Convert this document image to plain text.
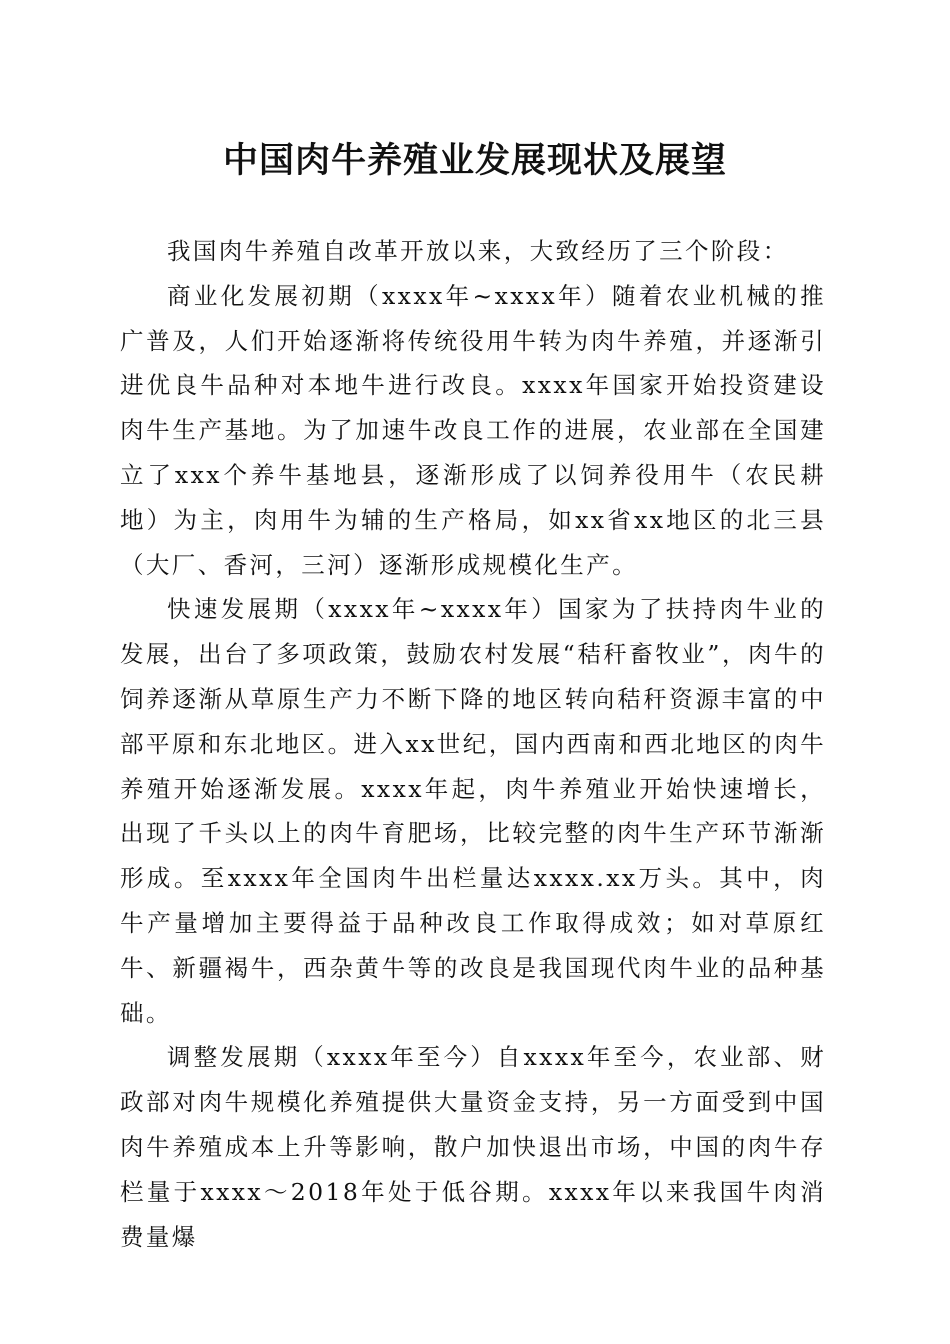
中国肉牛养殖业发展现状及展望

我国肉牛养殖自改革开放以来，大致经历了三个阶段：

商业化发展初期（xxxx年~xxxx年）随着农业机械的推广普及，人们开始逐渐将传统役用牛转为肉牛养殖，并逐渐引进优良牛品种对本地牛进行改良。xxxx年国家开始投资建设肉牛生产基地。为了加速牛改良工作的进展，农业部在全国建立了xxx个养牛基地县，逐渐形成了以饲养役用牛（农民耕地）为主，肉用牛为辅的生产格局，如xx省xx地区的北三县（大厂、香河，三河）逐渐形成规模化生产。

快速发展期（xxxx年~xxxx年）国家为了扶持肉牛业的发展，出台了多项政策，鼓励农村发展“秸秆畜牧业”，肉牛的饲养逐渐从草原生产力不断下降的地区转向秸秆资源丰富的中部平原和东北地区。进入xx世纪，国内西南和西北地区的肉牛养殖开始逐渐发展。xxxx年起，肉牛养殖业开始快速增长，出现了千头以上的肉牛育肥场，比较完整的肉牛生产环节渐渐形成。至xxxx年全国肉牛出栏量达xxxx.xx万头。其中，肉牛产量增加主要得益于品种改良工作取得成效；如对草原红牛、新疆褐牛，西杂黄牛等的改良是我国现代肉牛业的品种基础。

调整发展期（xxxx年至今）自xxxx年至今，农业部、财政部对肉牛规模化养殖提供大量资金支持，另一方面受到中国肉牛养殖成本上升等影响，散户加快退出市场，中国的肉牛存栏量于xxxx～2018年处于低谷期。xxxx年以来我国牛肉消费量爆
